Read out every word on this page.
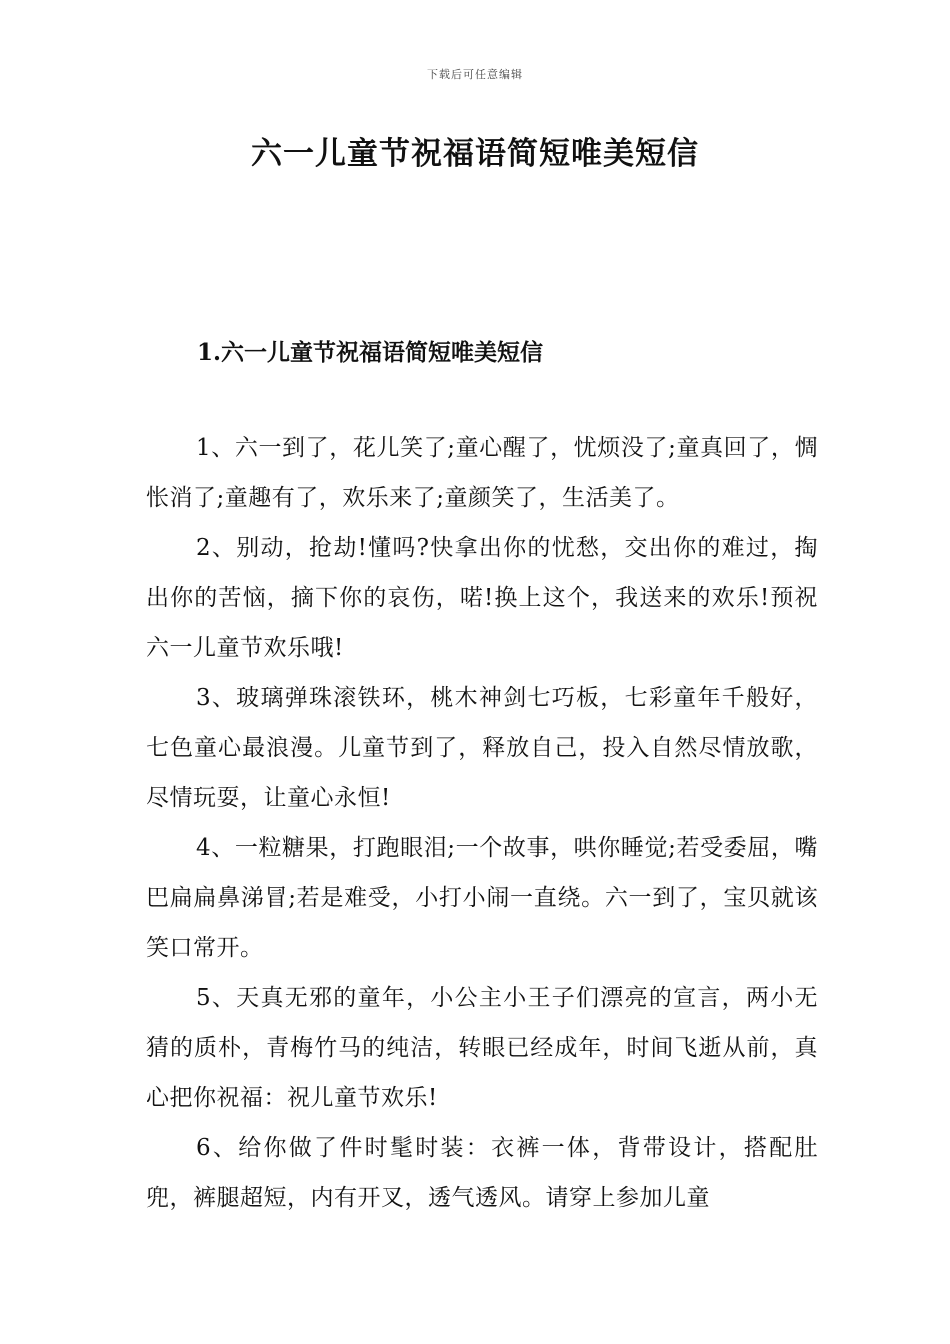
下载后可任意编辑
六一儿童节祝福语简短唯美短信
1.六一儿童节祝福语简短唯美短信

1、六一到了，花儿笑了;童心醒了，忧烦没了;童真回了，惆怅消了;童趣有了，欢乐来了;童颜笑了，生活美了。

2、别动，抢劫!懂吗?快拿出你的忧愁，交出你的难过，掏出你的苦恼，摘下你的哀伤，喏!换上这个，我送来的欢乐!预祝六一儿童节欢乐哦!

3、玻璃弹珠滚铁环，桃木神剑七巧板，七彩童年千般好，七色童心最浪漫。儿童节到了，释放自己，投入自然尽情放歌，尽情玩耍，让童心永恒!

4、一粒糖果，打跑眼泪;一个故事，哄你睡觉;若受委屈，嘴巴扁扁鼻涕冒;若是难受，小打小闹一直绕。六一到了，宝贝就该笑口常开。

5、天真无邪的童年，小公主小王子们漂亮的宣言，两小无猜的质朴，青梅竹马的纯洁，转眼已经成年，时间飞逝从前，真心把你祝福：祝儿童节欢乐!

6、给你做了件时髦时装：衣裤一体，背带设计，搭配肚兜，裤腿超短，内有开叉，透气透风。请穿上参加儿童
